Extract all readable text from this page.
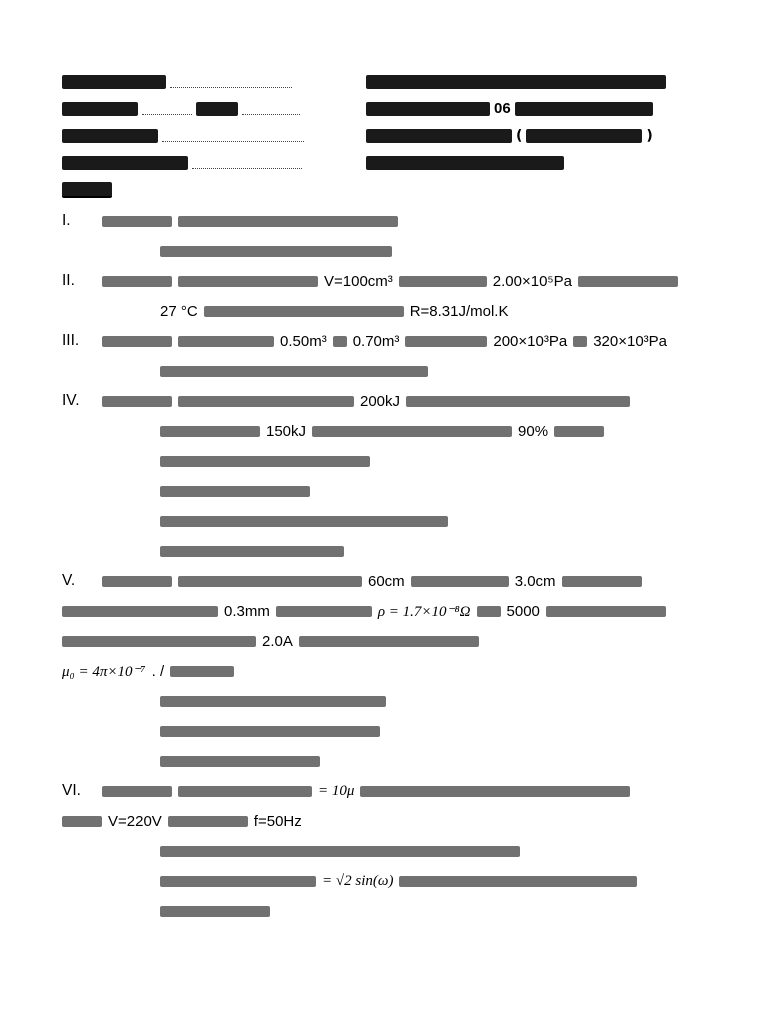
06
(	)
I.
II.	V=100cm³	2.00×10⁵Pa
27 °C	R=8.31J/mol.K
III.	0.50m³ 0.70m³	200×10³Pa 320×10³Pa
IV.	200kJ
150kJ	90%
V.	60cm	3.0cm
0.3mm	ρ = 1.7×10⁻⁸Ω 5000
2.0A
μ₀ = 4π×10⁻⁷ . /
VI.	= 10μ
V=220V	f=50Hz
= √2 sin(ω)
